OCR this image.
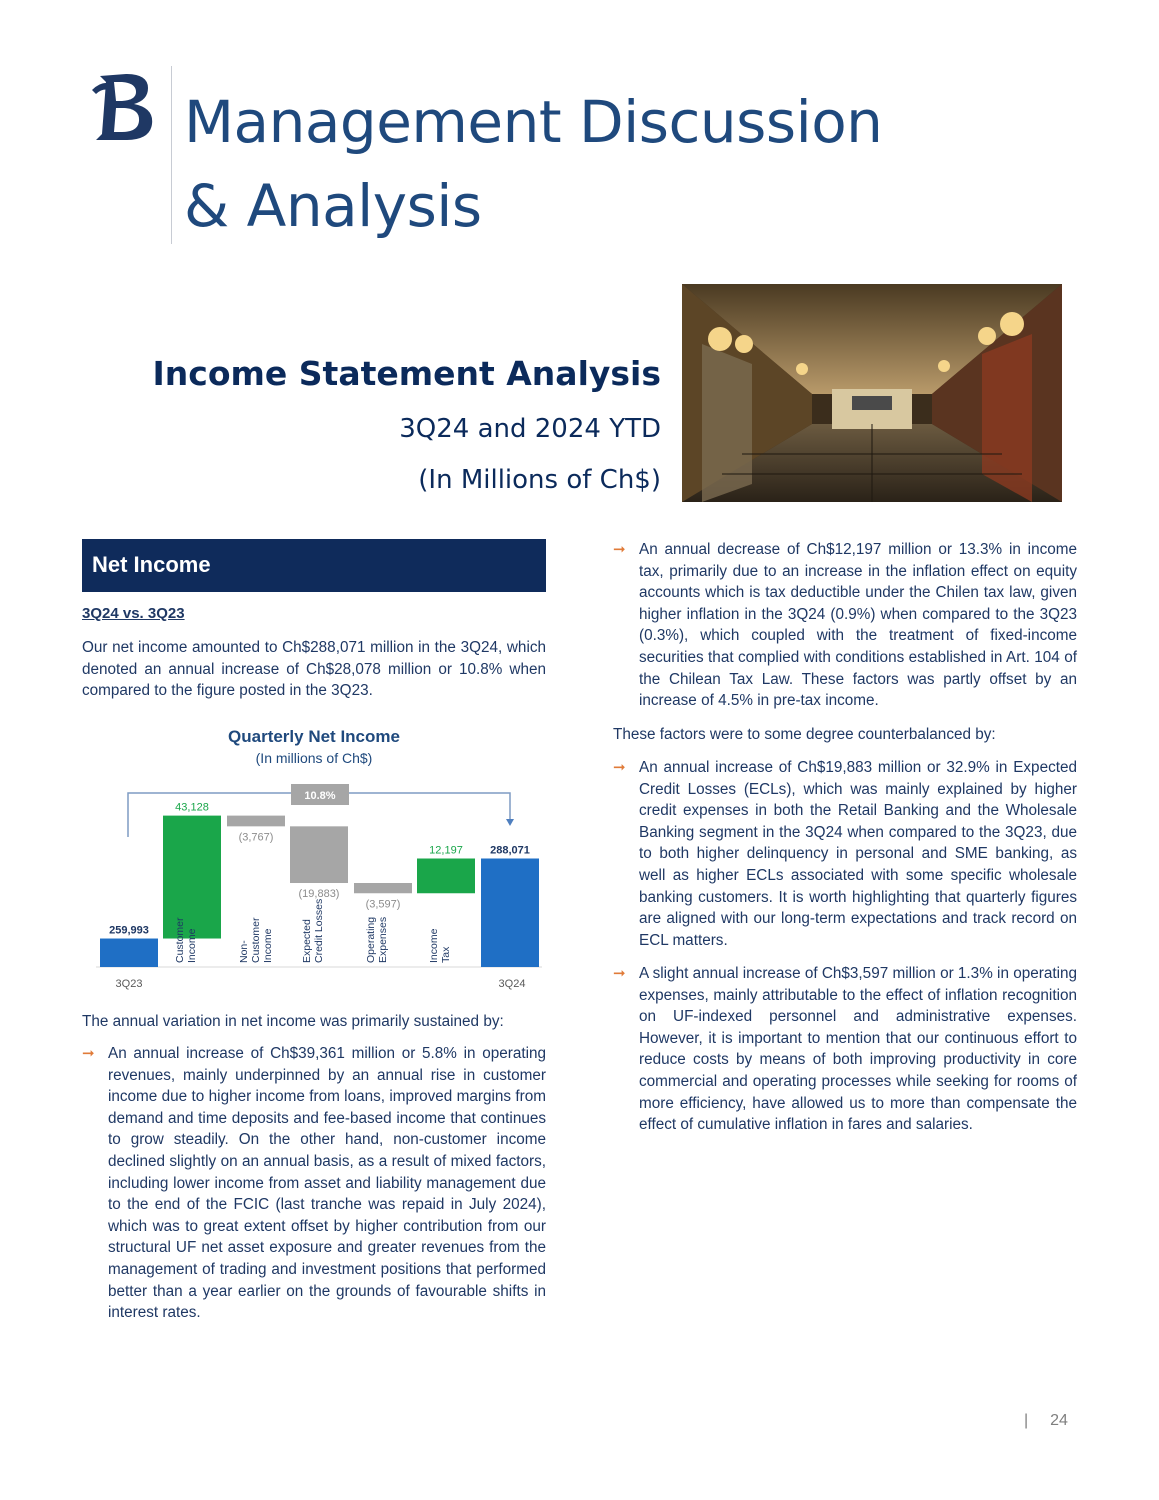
Management Discussion
& Analysis
Income Statement Analysis
3Q24 and 2024 YTD
(In Millions of Ch$)
Net Income
3Q24 vs. 3Q23
Our net income amounted to Ch$288,071 million in the 3Q24, which denoted an annual increase of Ch$28,078 million or 10.8% when compared to the figure posted in the 3Q23.
Quarterly Net Income
(In millions of Ch$)
10.8%
259,993
43,128
CustomerIncome
(3,767)
Non-CustomerIncome
(19,883)
ExpectedCredit Losses	(3,597)
OperatingExpenses
12,197
IncomeTax
288,071
3Q23	3Q24
The annual variation in net income was primarily sustained by:
➞ An annual increase of Ch$39,361 million or 5.8% in operating revenues, mainly underpinned by an annual rise in customer income due to higher income from loans, improved margins from demand and time deposits and fee-based income that continues to grow steadily. On the other hand, non-customer income declined slightly on an annual basis, as a result of mixed factors, including lower income from asset and liability management due to the end of the FCIC (last tranche was repaid in July 2024), which was to great extent offset by higher contribution from our structural UF net asset exposure and greater revenues from the management of trading and investment positions that performed better than a year earlier on the grounds of favourable shifts in interest rates.
➞ An annual decrease of Ch$12,197 million or 13.3% in income tax, primarily due to an increase in the inflation effect on equity accounts which is tax deductible under the Chilen tax law, given higher inflation in the 3Q24 (0.9%) when compared to the 3Q23 (0.3%), which coupled with the treatment of fixed-income securities that complied with conditions established in Art. 104 of the Chilean Tax Law. These factors was partly offset by an increase of 4.5% in pre-tax income.
These factors were to some degree counterbalanced by:
➞ An annual increase of Ch$19,883 million or 32.9% in Expected Credit Losses (ECLs), which was mainly explained by higher credit expenses in both the Retail Banking and the Wholesale Banking segment in the 3Q24 when compared to the 3Q23, due to both higher delinquency in personal and SME banking, as well as higher ECLs associated with some specific wholesale banking customers. It is worth highlighting that quarterly figures are aligned with our long-term expectations and track record on ECL matters.
➞ A slight annual increase of Ch$3,597 million or 1.3% in operating expenses, mainly attributable to the effect of inflation recognition on UF-indexed personnel and administrative expenses. However, it is important to mention that our continuous effort to reduce costs by means of both improving productivity in core commercial and operating processes while seeking for rooms of more efficiency, have allowed us to more than compensate the effect of cumulative inflation in fares and salaries.
| 24
